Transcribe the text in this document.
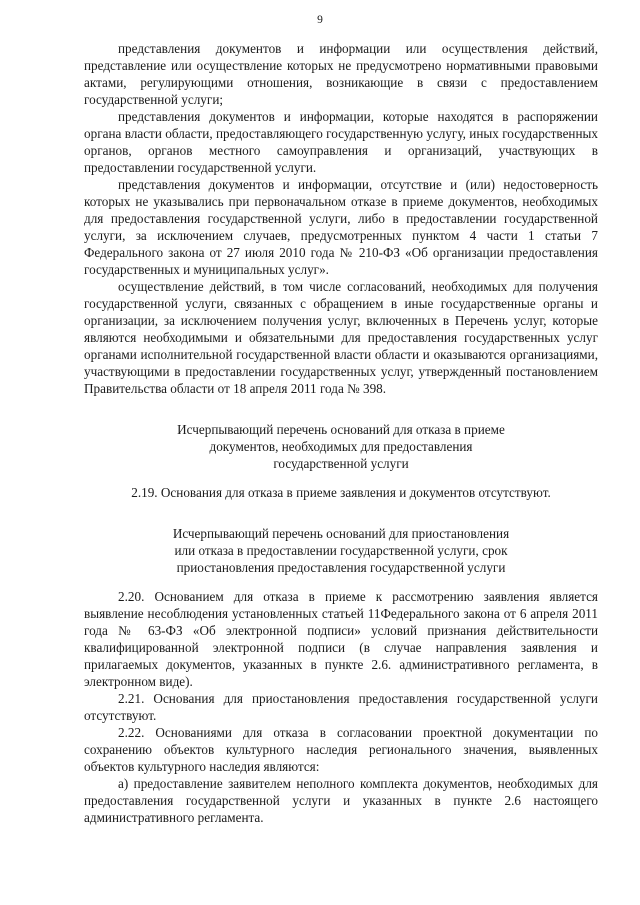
9

представления документов и информации или осуществления действий, представление или осуществление которых не предусмотрено нормативными правовыми актами, регулирующими отношения, возникающие в связи с предоставлением государственной услуги;

представления документов и информации, которые находятся в распоряжении органа власти области, предоставляющего государственную услугу, иных государственных органов, органов местного самоуправления и организаций, участвующих в предоставлении государственной услуги.

представления документов и информации, отсутствие и (или) недостоверность которых не указывались при первоначальном отказе в приеме документов, необходимых для предоставления государственной услуги, либо в предоставлении государственной услуги, за исключением случаев, предусмотренных пунктом 4 части 1 статьи 7 Федерального закона от 27 июля 2010 года № 210-ФЗ «Об организации предоставления государственных и муниципальных услуг».

осуществление действий, в том числе согласований, необходимых для получения государственной услуги, связанных с обращением в иные государственные органы и организации, за исключением получения услуг, включенных в Перечень услуг, которые являются необходимыми и обязательными для предоставления государственных услуг органами исполнительной государственной власти области и оказываются организациями, участвующими в предоставлении государственных услуг, утвержденный постановлением Правительства области от 18 апреля 2011 года № 398.

Исчерпывающий перечень оснований для отказа в приеме
документов, необходимых для предоставления
государственной услуги

2.19. Основания для отказа в приеме заявления и документов отсутствуют.

Исчерпывающий перечень оснований для приостановления
или отказа в предоставлении государственной услуги, срок
приостановления предоставления государственной услуги

2.20. Основанием для отказа в приеме к рассмотрению заявления является выявление несоблюдения установленных статьей 11Федерального закона от 6 апреля 2011 года № 63-ФЗ «Об электронной подписи» условий признания действительности квалифицированной электронной подписи (в случае направления заявления и прилагаемых документов, указанных в пункте 2.6. административного регламента, в электронном виде).

2.21. Основания для приостановления предоставления государственной услуги отсутствуют.

2.22. Основаниями для отказа в согласовании проектной документации по сохранению объектов культурного наследия регионального значения, выявленных объектов культурного наследия являются:

а) предоставление заявителем неполного комплекта документов, необходимых для предоставления государственной услуги и указанных в пункте 2.6 настоящего административного регламента.
